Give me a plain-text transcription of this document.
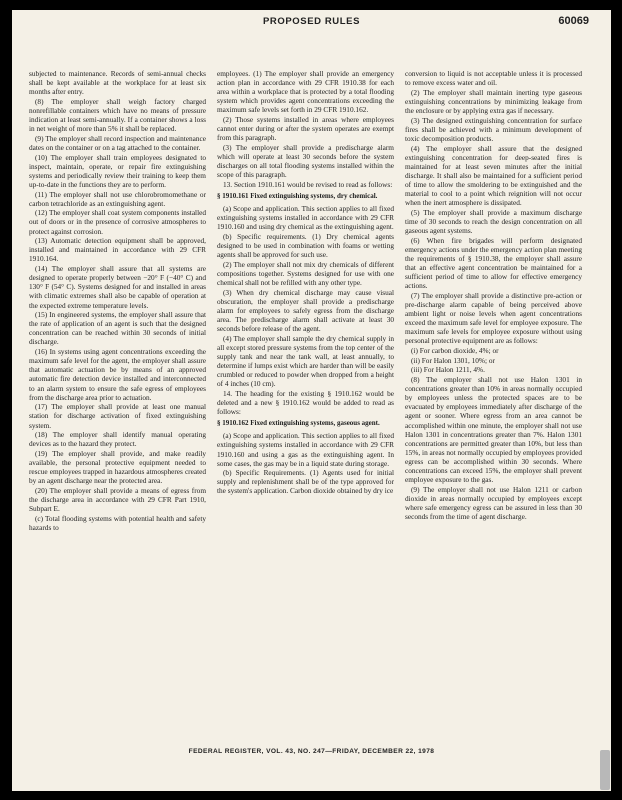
PROPOSED RULES	60069

subjected to maintenance. Records of semi-annual checks shall be kept available at the workplace for at least six months after entry.

(8) The employer shall weigh factory charged nonrefillable containers which have no means of pressure indication at least semi-annually. If a container shows a loss in net weight of more than 5% it shall be replaced.

(9) The employer shall record inspection and maintenance dates on the container or on a tag attached to the container.

(10) The employer shall train employees designated to inspect, maintain, operate, or repair fire extinguishing systems and periodically review their training to keep them up-to-date in the functions they are to perform.

(11) The employer shall not use chlorobromomethane or carbon tetrachloride as an extinguishing agent.

(12) The employer shall coat system components installed out of doors or in the presence of corrosive atmospheres to protect against corrosion.

(13) Automatic detection equipment shall be approved, installed and maintained in accordance with 29 CFR 1910.164.

(14) The employer shall assure that all systems are designed to operate properly between −20° F (−40° C) and 130° F (54° C). Systems designed for and installed in areas with climatic extremes shall also be capable of operation at the expected extreme temperature levels.

(15) In engineered systems, the employer shall assure that the rate of application of an agent is such that the designed concentration can be reached within 30 seconds of initial discharge.

(16) In systems using agent concentrations exceeding the maximum safe level for the agent, the employer shall assure that automatic actuation be by means of an approved automatic fire detection device installed and interconnected to an alarm system to ensure the safe egress of employees from the discharge area prior to actuation.

(17) The employer shall provide at least one manual station for discharge activation of fixed extinguishing system.

(18) The employer shall identify manual operating devices as to the hazard they protect.

(19) The employer shall provide, and make readily available, the personal protective equipment needed to rescue employees trapped in hazardous atmospheres created by an agent discharge near the protected area.

(20) The employer shall provide a means of egress from the discharge area in accordance with 29 CFR Part 1910, Subpart E.

(c) Total flooding systems with potential health and safety hazards to

employees. (1) The employer shall provide an emergency action plan in accordance with 29 CFR 1910.38 for each area within a workplace that is protected by a total flooding system which provides agent concentrations exceeding the maximum safe levels set forth in 29 CFR 1910.162.

(2) Those systems installed in areas where employees cannot enter during or after the system operates are exempt from this paragraph.

(3) The employer shall provide a predischarge alarm which will operate at least 30 seconds before the system discharges on all total flooding systems installed within the scope of this paragraph.

13. Section 1910.161 would be revised to read as follows:

§ 1910.161 Fixed extinguishing systems, dry chemical.

(a) Scope and application. This section applies to all fixed extinguishing systems installed in accordance with 29 CFR 1910.160 and using dry chemical as the extinguishing agent.

(b) Specific requirements. (1) Dry chemical agents designed to be used in combination with foams or wetting agents shall be approved for such use.

(2) The employer shall not mix dry chemicals of different compositions together. Systems designed for use with one chemical shall not be refilled with any other type.

(3) When dry chemical discharge may cause visual obscuration, the employer shall provide a predischarge alarm for employees to safely egress from the discharge area. The predischarge alarm shall activate at least 30 seconds before release of the agent.

(4) The employer shall sample the dry chemical supply in all except stored pressure systems from the top center of the supply tank and near the tank wall, at least annually, to determine if lumps exist which are harder than will be easily crumbled or reduced to powder when dropped from a height of 4 inches (10 cm).

14. The heading for the existing § 1910.162 would be deleted and a new § 1910.162 would be added to read as follows:

§ 1910.162 Fixed extinguishing systems, gaseous agent.

(a) Scope and application. This section applies to all fixed extinguishing systems installed in accordance with 29 CFR 1910.160 and using a gas as the extinguishing agent. In some cases, the gas may be in a liquid state during storage.

(b) Specific Requirements. (1) Agents used for initial supply and replenishment shall be of the type approved for the system's application. Carbon dioxide obtained by dry ice

conversion to liquid is not acceptable unless it is processed to remove excess water and oil.

(2) The employer shall maintain inerting type gaseous extinguishing concentrations by minimizing leakage from the enclosure or by applying extra gas if necessary.

(3) The designed extinguishing concentration for surface fires shall be achieved with a minimum development of toxic decomposition products.

(4) The employer shall assure that the designed extinguishing concentration for deep-seated fires is maintained for at least seven minutes after the initial discharge. It shall also be maintained for a sufficient period of time to allow the smoldering to be extinguished and the material to cool to a point which reignition will not occur when the inert atmosphere is dissipated.

(5) The employer shall provide a maximum discharge time of 30 seconds to reach the design concentration on all gaseous agent systems.

(6) When fire brigades will perform designated emergency actions under the emergency action plan meeting the requirements of § 1910.38, the employer shall assure that an effective agent concentration be maintained for a sufficient period of time to allow for effective emergency actions.

(7) The employer shall provide a distinctive pre-action or pre-discharge alarm capable of being perceived above ambient light or noise levels when agent concentrations exceed the maximum safe level for employee exposure. The maximum safe levels for employee exposure without using personal protective equipment are as follows:

(i) For carbon dioxide, 4%; or

(ii) For Halon 1301, 10%; or

(iii) For Halon 1211, 4%.

(8) The employer shall not use Halon 1301 in concentrations greater than 10% in areas normally occupied by employees unless the protected spaces are to be evacuated by employees immediately after discharge of the agent or sooner. Where egress from an area cannot be accomplished within one minute, the employer shall not use Halon 1301 in concentrations greater than 7%. Halon 1301 concentrations are permitted greater than 10%, but less than 15%, in areas not normally occupied by employees provided egress can be accomplished within 30 seconds. Where concentrations can exceed 15%, the employer shall prevent employee exposure to the gas.

(9) The employer shall not use Halon 1211 or carbon dioxide in areas normally occupied by employees except where safe emergency egress can be assured in less than 30 seconds from the time of agent discharge.

FEDERAL REGISTER, VOL. 43, NO. 247—FRIDAY, DECEMBER 22, 1978
